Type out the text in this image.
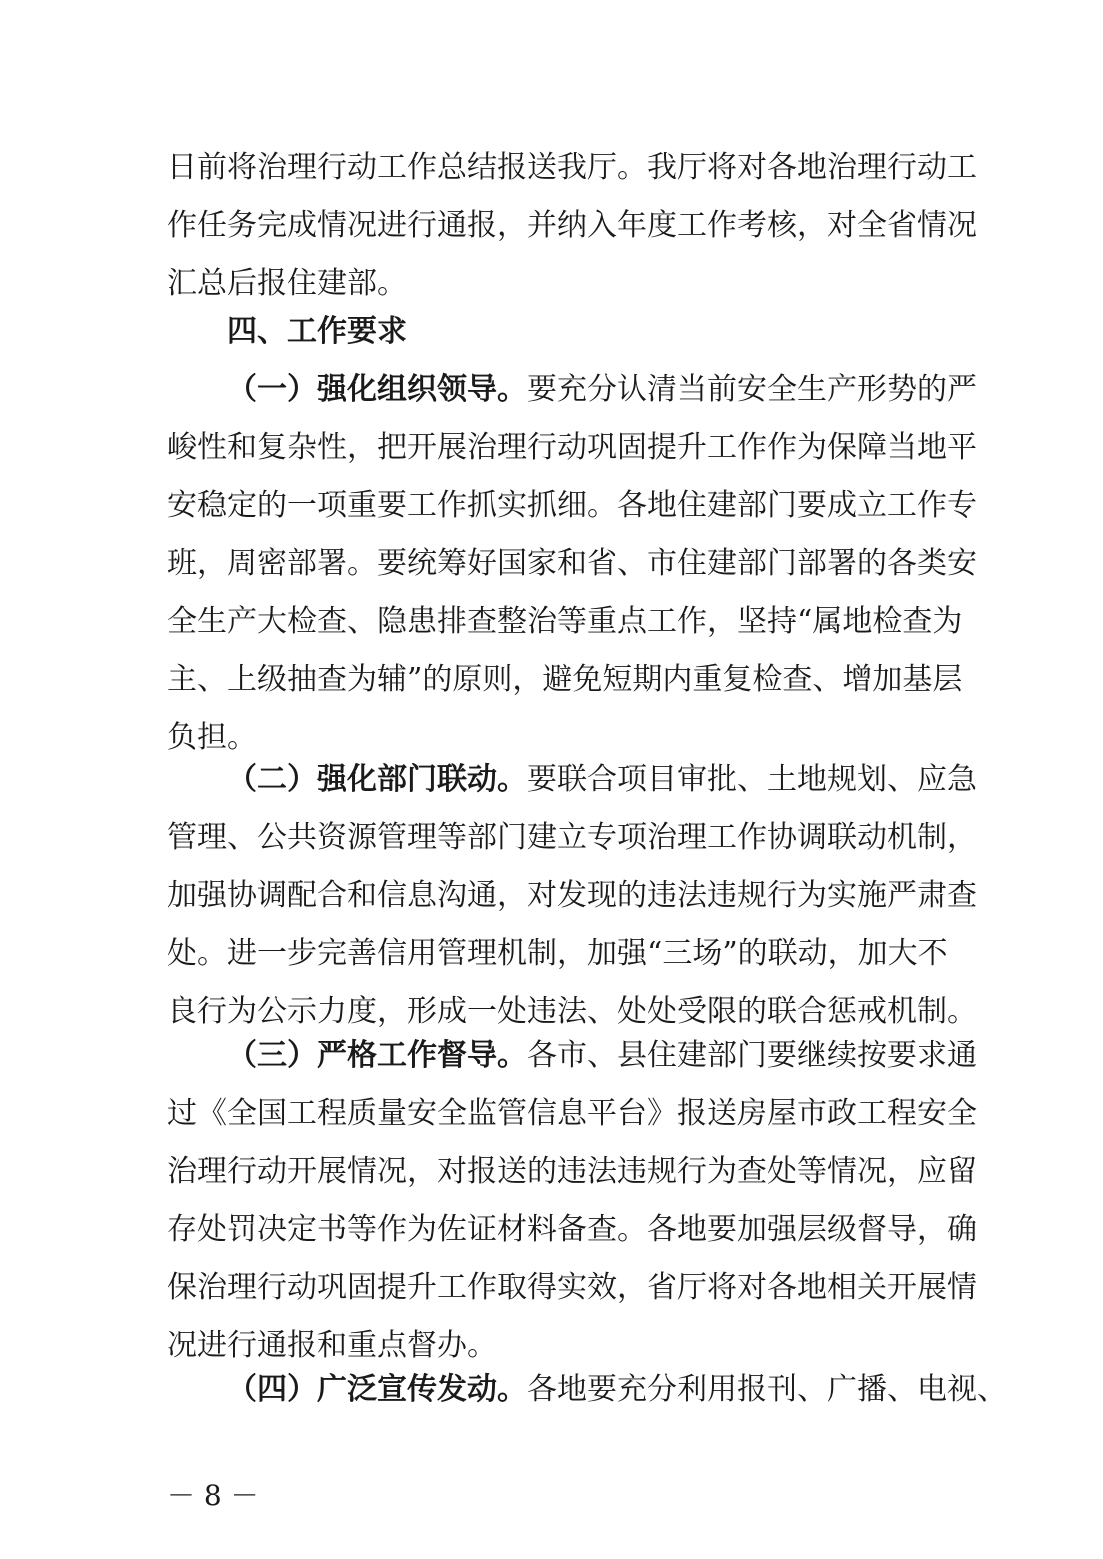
日前将治理行动工作总结报送我厅。我厅将对各地治理行动工
作任务完成情况进行通报，并纳入年度工作考核，对全省情况
汇总后报住建部。
四、工作要求
（一）强化组织领导。要充分认清当前安全生产形势的严
峻性和复杂性，把开展治理行动巩固提升工作作为保障当地平
安稳定的一项重要工作抓实抓细。各地住建部门要成立工作专
班，周密部署。要统筹好国家和省、市住建部门部署的各类安
全生产大检查、隐患排查整治等重点工作，坚持“属地检查为
主、上级抽查为辅”的原则，避免短期内重复检查、增加基层
负担。
（二）强化部门联动。要联合项目审批、土地规划、应急
管理、公共资源管理等部门建立专项治理工作协调联动机制，
加强协调配合和信息沟通，对发现的违法违规行为实施严肃查
处。进一步完善信用管理机制，加强“三场”的联动，加大不
良行为公示力度，形成一处违法、处处受限的联合惩戒机制。
（三）严格工作督导。各市、县住建部门要继续按要求通
过《全国工程质量安全监管信息平台》报送房屋市政工程安全
治理行动开展情况，对报送的违法违规行为查处等情况，应留
存处罚决定书等作为佐证材料备查。各地要加强层级督导，确
保治理行动巩固提升工作取得实效，省厅将对各地相关开展情
况进行通报和重点督办。
（四）广泛宣传发动。各地要充分利用报刊、广播、电视、
－ 8 －
